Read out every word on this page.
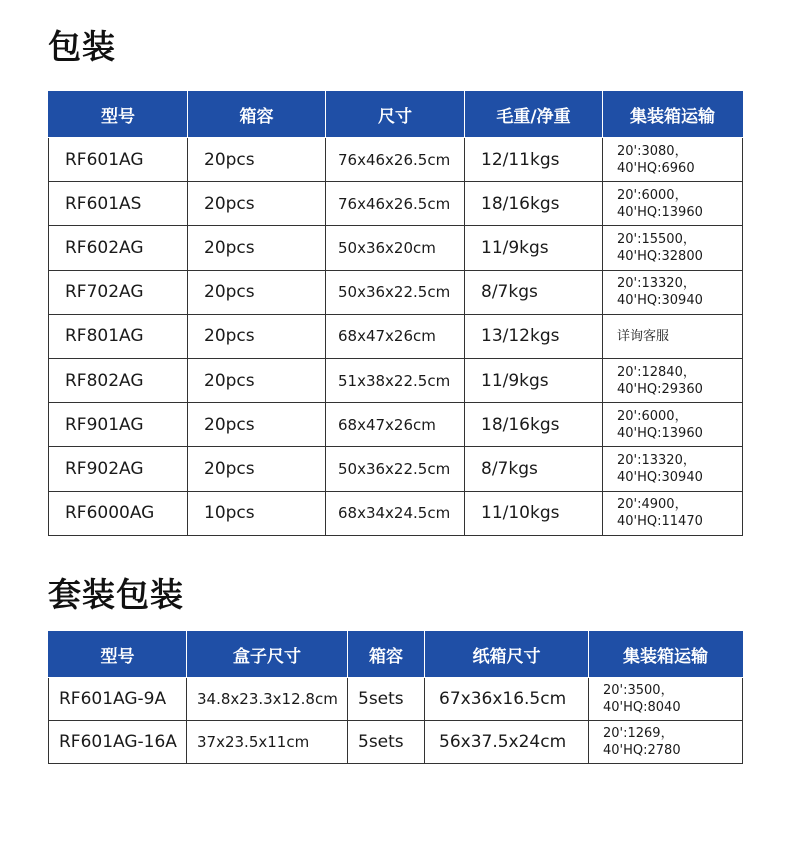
包装
型号	箱容	尺寸	毛重/净重	集装箱运输
RF601AG	20pcs	76x46x26.5cm	12/11kgs	20':3080，
40'HQ:6960

RF601AS	20pcs	76x46x26.5cm	18/16kgs	20':6000，
40'HQ:13960

RF602AG	20pcs	50x36x20cm	11/9kgs	20':15500，
40'HQ:32800

RF702AG	20pcs	50x36x22.5cm	8/7kgs	20':13320，
40'HQ:30940

RF801AG	20pcs	68x47x26cm	13/12kgs	详询客服

RF802AG	20pcs	51x38x22.5cm	11/9kgs	20':12840，
40'HQ:29360

RF901AG	20pcs	68x47x26cm	18/16kgs	20':6000，
40'HQ:13960

RF902AG	20pcs	50x36x22.5cm	8/7kgs	20':13320，
40'HQ:30940

RF6000AG	10pcs	68x34x24.5cm	11/10kgs	20':4900，
40'HQ:11470
套装包装
型号	盒子尺寸	箱容	纸箱尺寸	集装箱运输
RF601AG-9A	34.8x23.3x12.8cm	5sets	67x36x16.5cm	20':3500，
40'HQ:8040

RF601AG-16A	37x23.5x11cm	5sets	56x37.5x24cm	20':1269，
40'HQ:2780
